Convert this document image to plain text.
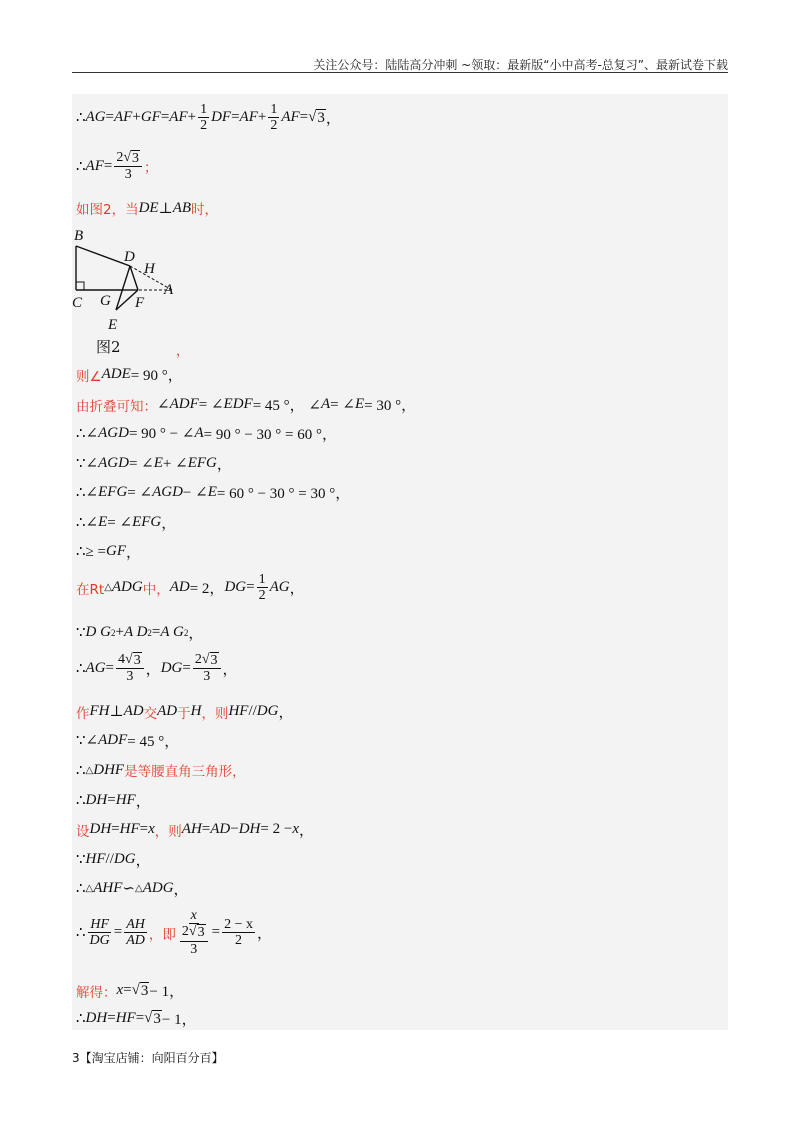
关注公众号：陆陆高分冲刺 ~领取：最新版“小中高考-总复习”、最新试卷下载
∴ AG = AF + GF = AF + $\frac{1}{2}$ DF = AF + $\frac{1}{2}$ AF = √ 3 ，
∴ AF = $\frac{2 √ 3}{3}$ ；
如图2，当 DE ⊥ AB 时，
B
D
H
C G F
A
E
图2	，
则∠ ADE = 90 °，
由折叠可知： ∠ ADF = ∠ EDF = 45 °， ∠ A = ∠ E = 30 °，
∴∠ AGD = 90 ° − ∠ A = 90 ° − 30 ° = 60 °，
∵∠ AGD = ∠ E + ∠ EFG ，
∴∠ EFG = ∠ AGD − ∠ E = 60 ° − 30 ° = 30 °，
∴∠ E = ∠ EFG ，
∴≥ = GF ，
在Rt △ ADG 中， AD = 2， DG = $\frac{1}{2}$ AG ，
∵ D G 2 + A D 2 = A G 2 ，
∴ AG = $\frac{4 √ 3}{3}$ ， DG = $\frac{2 √ 3}{3}$ ，
作 FH ⊥ AD 交 AD 于 H ，则 HF // DG ，
∵∠ ADF = 45 °，
∴ △ DHF 是等腰直角三角形，
∴ DH = HF ，
设 DH = HF = x ，则 AH = AD − DH = 2 − x ，
∵ HF // DG ，
∴ △ AHF ∽ △ ADG ，
∴ $\frac{HF}{DG} = \frac{AH}{AD}$ ，即 $\frac{x}{\frac{2 √ 3}{3}} = \frac{2 - x}{2}$ ，
解得： x = √ 3 − 1，
∴ DH = HF = √ 3 − 1，
3【淘宝店铺：向阳百分百】
